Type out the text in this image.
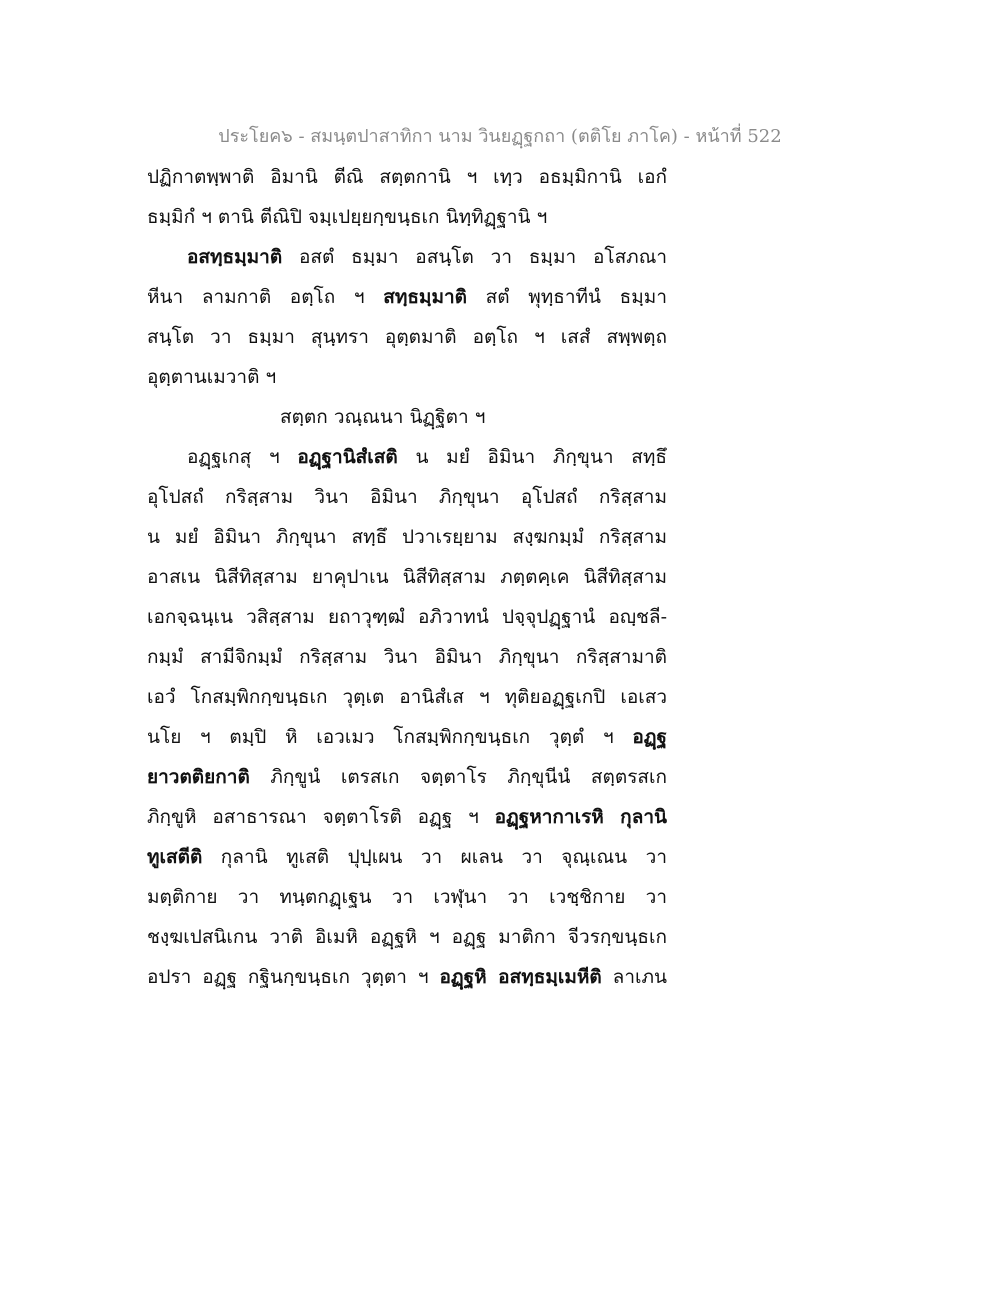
ประโยค๖ - สมนฺตปาสาทิกา นาม วินยฏฺฐกถา (ตติโย ภาโค) - หน้าที่ 522
ปฏิกาตพฺพาติ อิมานิ ตีณิ สตฺตกานิ ฯ เทฺว อธมฺมิกานิ เอกํ
ธมฺมิกํ ฯ ตานิ ตีณิปิ จมฺเปยฺยกฺขนฺธเก นิทฺทิฏฺฐานิ ฯ
อสทฺธมฺมาติ อสตํ ธมฺมา อสนฺโต วา ธมฺมา อโสภณา
หีนา ลามกาติ อตฺโถ ฯ สทฺธมฺมาติ สตํ พุทฺธาทีนํ ธมฺมา
สนฺโต วา ธมฺมา สุนฺทรา อุตฺตมาติ อตฺโถ ฯ เสสํ สพฺพตฺถ
อุตฺตานเมวาติ ฯ
สตฺตก วณฺณนา นิฏฺฐิตา ฯ
อฏฺฐเกสุ ฯ อฏฺฐานิสํเสติ น มยํ อิมินา ภิกฺขุนา สทฺธึ
อุโปสถํ กริสฺสาม วินา อิมินา ภิกฺขุนา อุโปสถํ กริสฺสาม
น มยํ อิมินา ภิกฺขุนา สทฺธึ ปวาเรยฺยาม สงฺฆกมฺมํ กริสฺสาม
อาสเน นิสีทิสฺสาม ยาคุปาเน นิสีทิสฺสาม ภตฺตคฺเค นิสีทิสฺสาม
เอกจฺฉนฺเน วสิสฺสาม ยถาวุฑฺฒํ อภิวาทนํ ปจฺจุปฏฺฐานํ อญฺชลี-
กมฺมํ สามีจิกมฺมํ กริสฺสาม วินา อิมินา ภิกฺขุนา กริสฺสามาติ
เอวํ โกสมฺพิกกฺขนฺธเก วุตฺเต อานิสํเส ฯ ทุติยอฏฺฐเกปิ เอเสว
นโย ฯ ตมฺปิ หิ เอวเมว โกสมฺพิกกฺขนฺธเก วุตฺตํ ฯ อฏฺฐ
ยาวตติยกาติ ภิกฺขูนํ เตรสเก จตฺตาโร ภิกฺขุนีนํ สตฺตรสเก
ภิกฺขูหิ อสาธารณา จตฺตาโรติ อฏฺฐ ฯ อฏฺฐหากาเรหิ กุลานิ
ทูเสตีติ กุลานิ ทูเสติ ปุปฺเผน วา ผเลน วา จุณฺเณน วา
มตฺติกาย วา ทนฺตกฏฺเฐน วา เวฬุนา วา เวชฺชิกาย วา
ชงฺฆเปสนิเกน วาติ อิเมหิ อฏฺฐหิ ฯ อฏฺฐ มาติกา จีวรกฺขนฺธเก
อปรา อฏฺฐ กฐินกฺขนฺธเก วุตฺตา ฯ อฏฺฐหิ อสทฺธมฺเมหีติ ลาเภน
